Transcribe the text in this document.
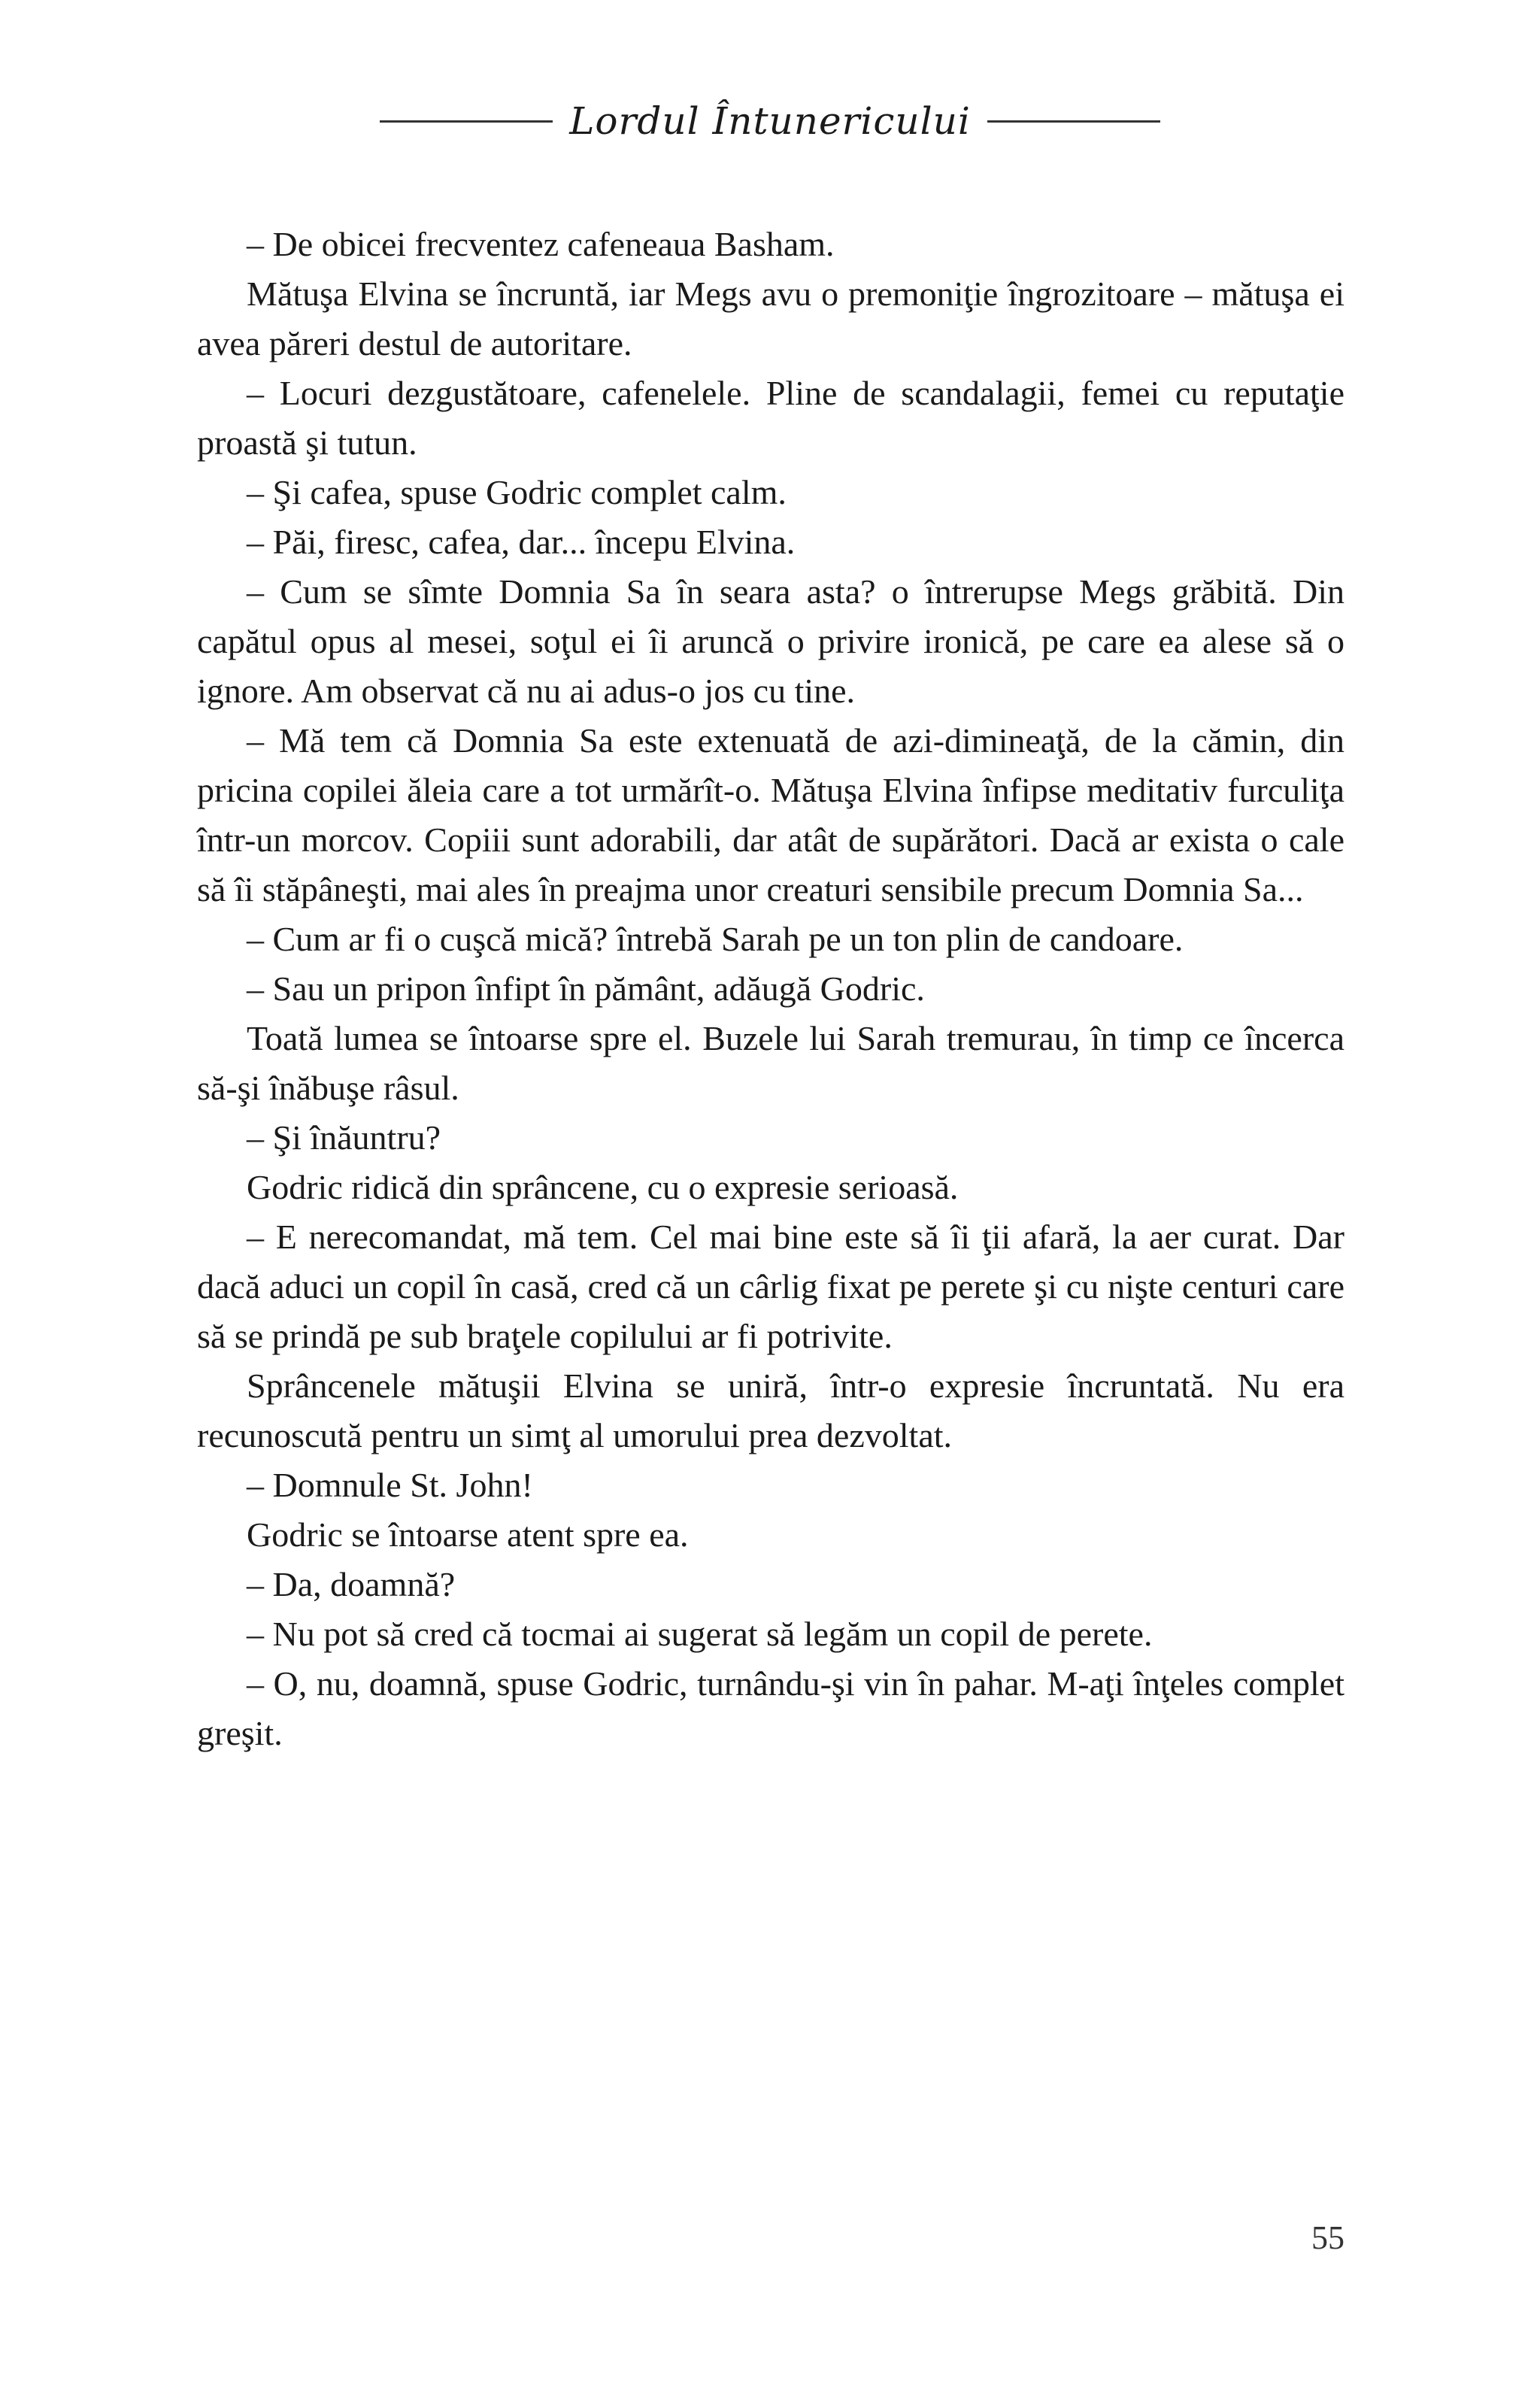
Lordul Întunericului

– De obicei frecventez cafeneaua Basham.

Mătuşa Elvina se încruntă, iar Megs avu o premoniţie îngrozitoare – mătuşa ei avea păreri destul de autoritare.

– Locuri dezgustătoare, cafenelele. Pline de scandalagii, femei cu reputaţie proastă şi tutun.

– Şi cafea, spuse Godric complet calm.

– Păi, firesc, cafea, dar... începu Elvina.

– Cum se sîmte Domnia Sa în seara asta? o întrerupse Megs grăbită. Din capătul opus al mesei, soţul ei îi aruncă o privire ironică, pe care ea alese să o ignore. Am observat că nu ai adus-o jos cu tine.

– Mă tem că Domnia Sa este extenuată de azi-dimineaţă, de la cămin, din pricina copilei ăleia care a tot urmărît-o. Mătuşa Elvina înfipse meditativ furculiţa într-un morcov. Copiii sunt adorabili, dar atât de supărători. Dacă ar exista o cale să îi stăpâneşti, mai ales în preajma unor creaturi sensibile precum Domnia Sa...

– Cum ar fi o cuşcă mică? întrebă Sarah pe un ton plin de candoare.

– Sau un pripon înfipt în pământ, adăugă Godric.

Toată lumea se întoarse spre el. Buzele lui Sarah tremurau, în timp ce încerca să-şi înăbuşe râsul.

– Şi înăuntru?

Godric ridică din sprâncene, cu o expresie serioasă.

– E nerecomandat, mă tem. Cel mai bine este să îi ţii afară, la aer curat. Dar dacă aduci un copil în casă, cred că un cârlig fixat pe perete şi cu nişte centuri care să se prindă pe sub braţele copilului ar fi potrivite.

Sprâncenele mătuşii Elvina se uniră, într-o expresie încruntată. Nu era recunoscută pentru un simţ al umorului prea dezvoltat.

– Domnule St. John!

Godric se întoarse atent spre ea.

– Da, doamnă?

– Nu pot să cred că tocmai ai sugerat să legăm un copil de perete.

– O, nu, doamnă, spuse Godric, turnându-şi vin în pahar. M-aţi înţeles complet greşit.

55
